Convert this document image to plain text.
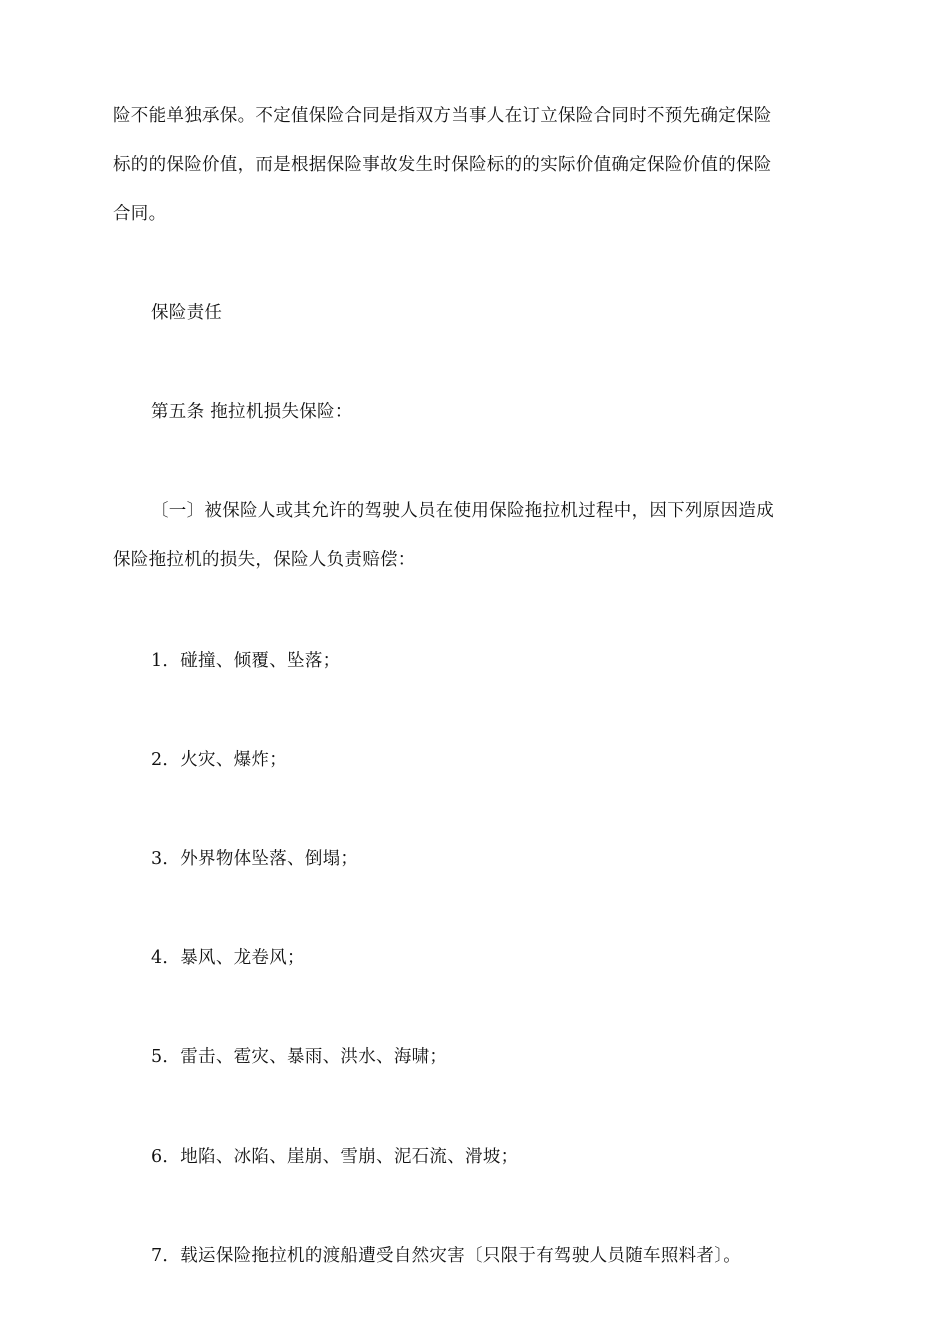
险不能单独承保。不定值保险合同是指双方当事人在订立保险合同时不预先确定保险
标的的保险价值，而是根据保险事故发生时保险标的的实际价值确定保险价值的保险
合同。
保险责任
第五条 拖拉机损失保险：
〔一〕被保险人或其允许的驾驶人员在使用保险拖拉机过程中，因下列原因造成
保险拖拉机的损失，保险人负责赔偿：
1．碰撞、倾覆、坠落；
2．火灾、爆炸；
3．外界物体坠落、倒塌；
4．暴风、龙卷风；
5．雷击、雹灾、暴雨、洪水、海啸；
6．地陷、冰陷、崖崩、雪崩、泥石流、滑坡；
7．载运保险拖拉机的渡船遭受自然灾害〔只限于有驾驶人员随车照料者〕。
